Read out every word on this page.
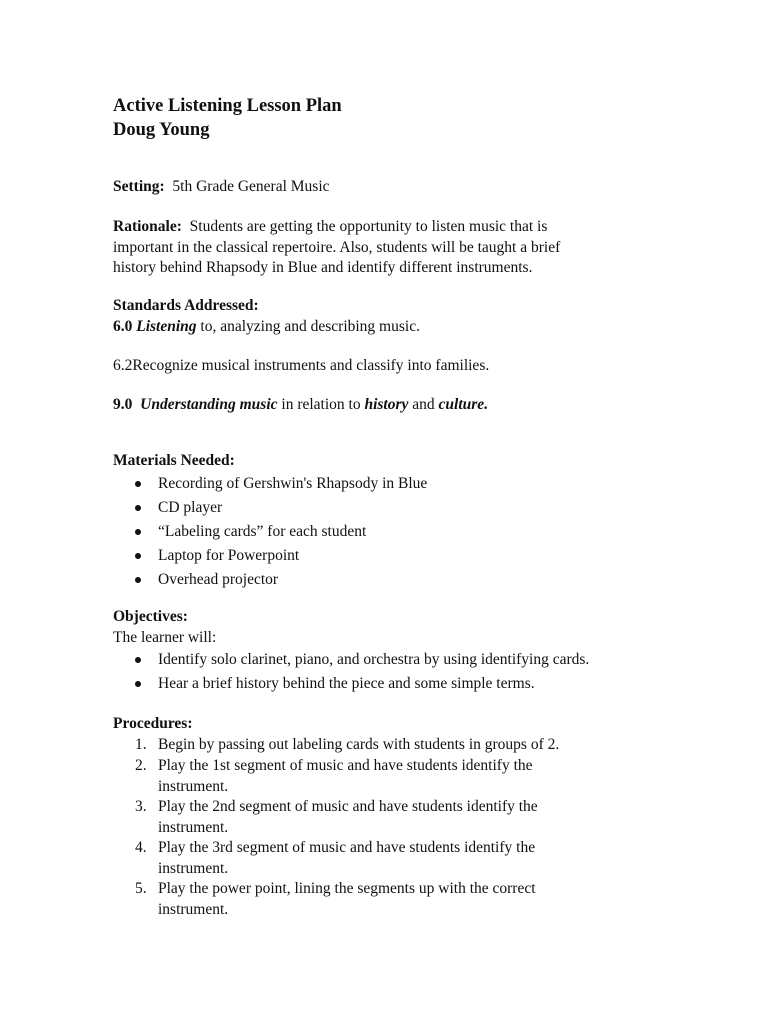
Active Listening Lesson Plan
Doug Young
Setting: 5th Grade General Music
Rationale: Students are getting the opportunity to listen music that is
important in the classical repertoire. Also, students will be taught a brief
history behind Rhapsody in Blue and identify different instruments.
Standards Addressed:
6.0 Listening to, analyzing and describing music.
6.2Recognize musical instruments and classify into families.
9.0 Understanding music in relation to history and culture.
Materials Needed:
Recording of Gershwin's Rhapsody in Blue
CD player
“Labeling cards” for each student
Laptop for Powerpoint
Overhead projector
Objectives:
The learner will:
Identify solo clarinet, piano, and orchestra by using identifying cards.
Hear a brief history behind the piece and some simple terms.
Procedures:
1. Begin by passing out labeling cards with students in groups of 2.
2. Play the 1st segment of music and have students identify the
instrument.
3. Play the 2nd segment of music and have students identify the
instrument.
4. Play the 3rd segment of music and have students identify the
instrument.
5. Play the power point, lining the segments up with the correct
instrument.
